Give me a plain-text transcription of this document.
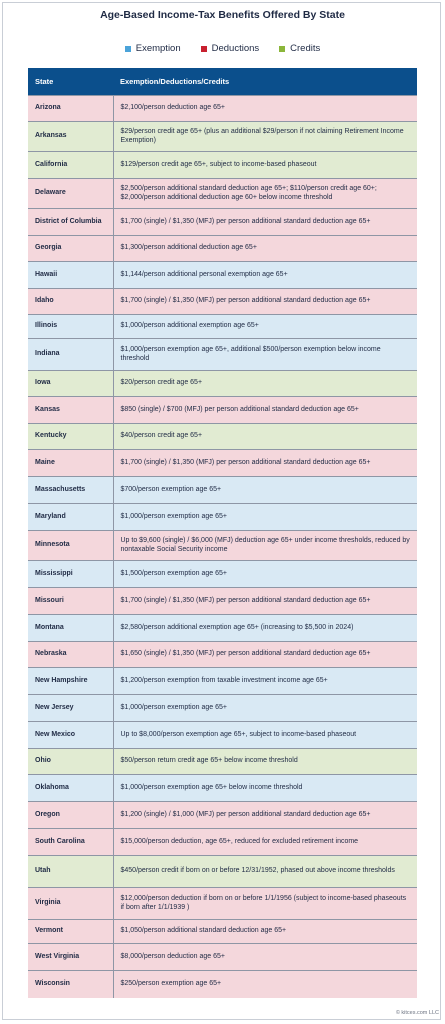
Age-Based Income-Tax Benefits Offered By State
Exemption	Deductions	Credits
State	Exemption/Deductions/Credits
Arizona	$2,100/person deduction age 65+
Arkansas	$29/person credit age 65+ (plus an additional $29/person if not claiming Retirement Income Exemption)
California	$129/person credit age 65+, subject to income-based phaseout
Delaware	$2,500/person additional standard deduction age 65+; $110/person credit age 60+; $2,000/person additional deduction age 60+ below income threshold
District of Columbia	$1,700 (single) / $1,350 (MFJ) per person additional standard deduction age 65+
Georgia	$1,300/person additional deduction age 65+
Hawaii	$1,144/person additional personal exemption age 65+
Idaho	$1,700 (single) / $1,350 (MFJ) per person additional standard deduction age 65+
Illinois	$1,000/person additional exemption age 65+
Indiana	$1,000/person exemption age 65+, additional $500/person exemption below income threshold
Iowa	$20/person credit age 65+
Kansas	$850 (single) / $700 (MFJ) per person additional standard deduction age 65+
Kentucky	$40/person credit age 65+
Maine	$1,700 (single) / $1,350 (MFJ) per person additional standard deduction age 65+
Massachusetts	$700/person exemption age 65+
Maryland	$1,000/person exemption age 65+
Minnesota	Up to $9,600 (single) / $6,000 (MFJ) deduction age 65+ under income thresholds, reduced by nontaxable Social Security income
Mississippi	$1,500/person exemption age 65+
Missouri	$1,700 (single) / $1,350 (MFJ) per person additional standard deduction age 65+
Montana	$2,580/person additional exemption age 65+ (increasing to $5,500 in 2024)
Nebraska	$1,650 (single) / $1,350 (MFJ) per person additional standard deduction age 65+
New Hampshire	$1,200/person exemption from taxable investment income age 65+
New Jersey	$1,000/person exemption age 65+
New Mexico	Up to $8,000/person exemption age 65+, subject to income-based phaseout
Ohio	$50/person return credit age 65+ below income threshold
Oklahoma	$1,000/person exemption age 65+ below income threshold
Oregon	$1,200 (single) / $1,000 (MFJ) per person additional standard deduction age 65+
South Carolina	$15,000/person deduction, age 65+, reduced for excluded retirement income
Utah	$450/person credit if born on or before 12/31/1952, phased out above income thresholds
Virginia	$12,000/person deduction if born on or before 1/1/1956 (subject to income-based phaseouts if born after 1/1/1939 )
Vermont	$1,050/person additional standard deduction age 65+
West Virginia	$8,000/person deduction age 65+
Wisconsin	$250/person exemption age 65+
© kitces.com LLC
